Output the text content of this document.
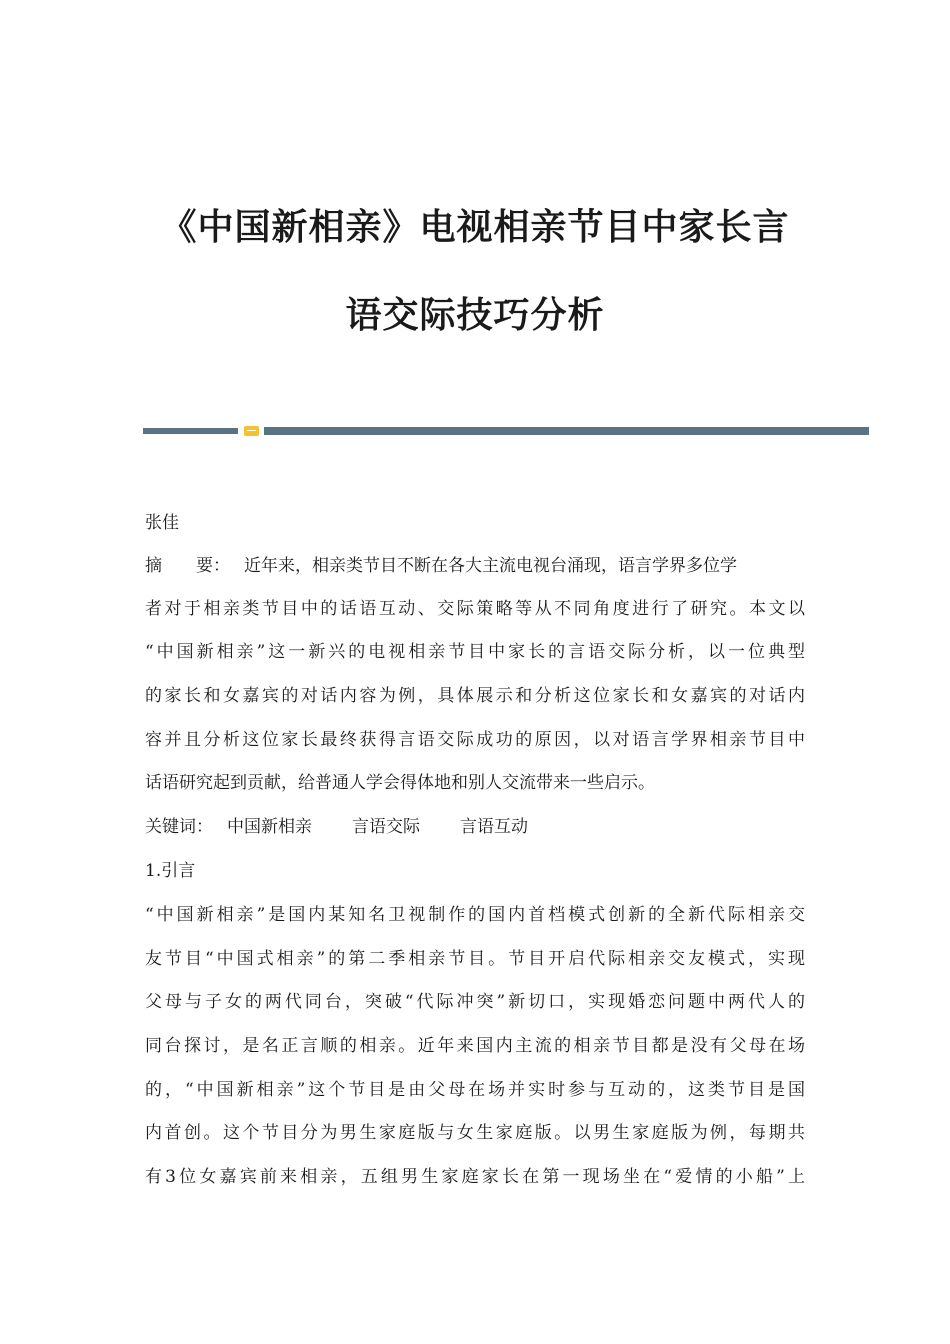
《中国新相亲》电视相亲节目中家长言
语交际技巧分析

张佳

摘 要： 近年来，相亲类节目不断在各大主流电视台涌现，语言学界多位学

者对于相亲类节目中的话语互动、交际策略等从不同角度进行了研究。本文以

“中国新相亲”这一新兴的电视相亲节目中家长的言语交际分析，以一位典型

的家长和女嘉宾的对话内容为例，具体展示和分析这位家长和女嘉宾的对话内

容并且分析这位家长最终获得言语交际成功的原因，以对语言学界相亲节目中

话语研究起到贡献，给普通人学会得体地和别人交流带来一些启示。

关键词： 中国新相亲 言语交际 言语互动

1.引言

“中国新相亲”是国内某知名卫视制作的国内首档模式创新的全新代际相亲交

友节目“中国式相亲”的第二季相亲节目。节目开启代际相亲交友模式，实现

父母与子女的两代同台，突破“代际冲突”新切口，实现婚恋问题中两代人的

同台探讨，是名正言顺的相亲。近年来国内主流的相亲节目都是没有父母在场

的，“中国新相亲”这个节目是由父母在场并实时参与互动的，这类节目是国

内首创。这个节目分为男生家庭版与女生家庭版。以男生家庭版为例，每期共

有3位女嘉宾前来相亲，五组男生家庭家长在第一现场坐在“爱情的小船”上
